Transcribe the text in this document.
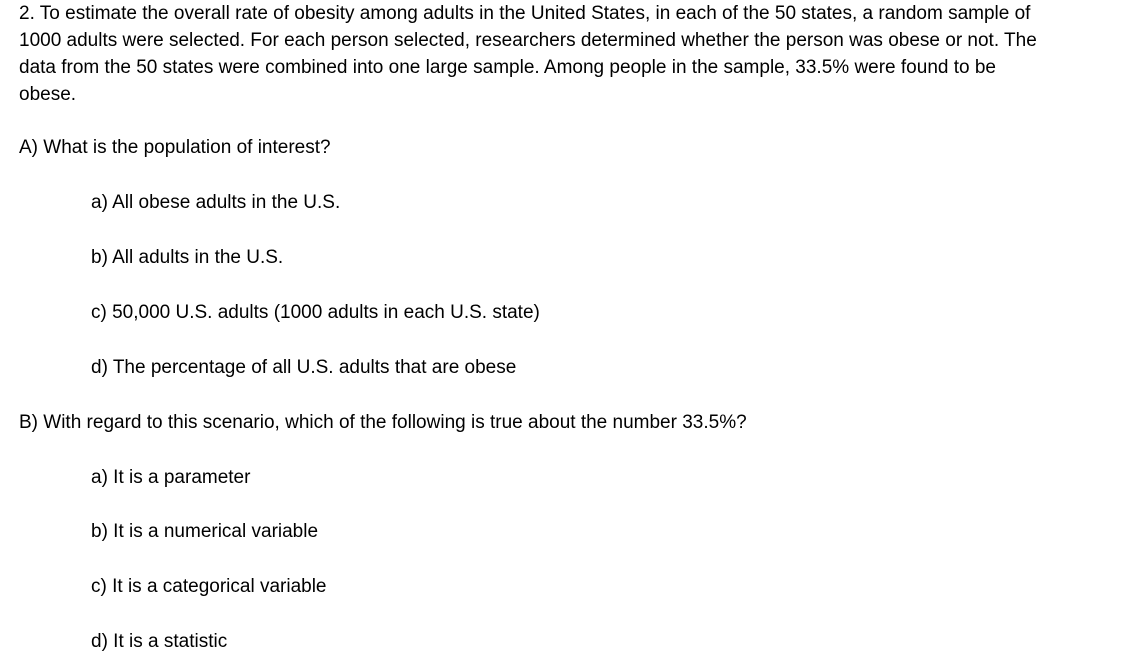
2. To estimate the overall rate of obesity among adults in the United States, in each of the 50 states, a random sample of
1000 adults were selected. For each person selected, researchers determined whether the person was obese or not. The
data from the 50 states were combined into one large sample. Among people in the sample, 33.5% were found to be
obese.

A) What is the population of interest?

a) All obese adults in the U.S.

b) All adults in the U.S.

c) 50,000 U.S. adults (1000 adults in each U.S. state)

d) The percentage of all U.S. adults that are obese

B) With regard to this scenario, which of the following is true about the number 33.5%?

a) It is a parameter

b) It is a numerical variable

c) It is a categorical variable

d) It is a statistic
